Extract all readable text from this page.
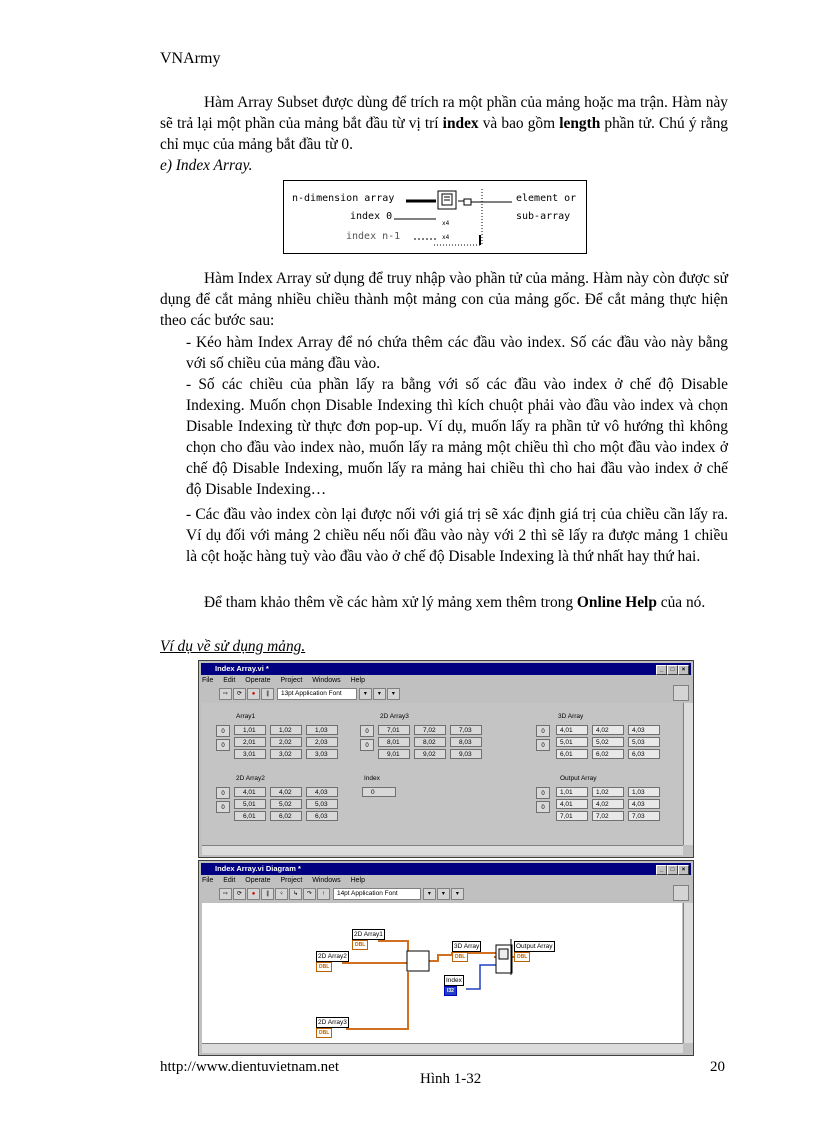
VNArmy
Hàm Array Subset được dùng để trích ra một phần của mảng hoặc ma trận. Hàm này sẽ trả lại một phần của mảng bắt đầu từ vị trí index và bao gồm length phần tử. Chú ý rằng chỉ mục của mảng bắt đầu từ 0.
e) Index Array.
n-dimension array
index 0
index n-1
element or
sub-array
x4
x4
Hàm Index Array sử dụng để truy nhập vào phần tử của mảng. Hàm này còn được sử dụng để cắt mảng nhiều chiều thành một mảng con của mảng gốc. Để cắt mảng thực hiện theo các bước sau:
- Kéo hàm Index Array để nó chứa thêm các đầu vào index. Số các đầu vào này bằng với số chiều của mảng đầu vào.
- Số các chiều của phần lấy ra bằng với số các đầu vào index ở chế độ Disable Indexing. Muốn chọn Disable Indexing thì kích chuột phải vào đầu vào index và chọn Disable Indexing từ thực đơn pop-up. Ví dụ, muốn lấy ra phần tử vô hướng thì không chọn cho đầu vào index nào, muốn lấy ra mảng một chiều thì cho một đầu vào index ở chế độ Disable Indexing, muốn lấy ra mảng hai chiều thì cho hai đầu vào index ở chế độ Disable Indexing…
- Các đầu vào index còn lại được nối với giá trị sẽ xác định giá trị của chiều cần lấy ra. Ví dụ đối với mảng 2 chiều nếu nối đầu vào này với 2 thì sẽ lấy ra được mảng 1 chiều là cột hoặc hàng tuỳ vào đầu vào ở chế độ Disable Indexing là thứ nhất hay thứ hai.
Để tham khảo thêm về các hàm xử lý mảng xem thêm trong Online Help của nó.
Ví dụ về sử dụng mảng.
Index Array.vi *	_	□	×
File Edit Operate Project Windows Help
⇨ ⟳ ● ∥ 13pt Application Font	▾ ▾ ▾
Array1
0
0
1,01	1,02	1,03
2,01	2,02	2,03
3,01	3,02	3,03
2D Array3
0
0
7,01	7,02	7,03
8,01	8,02	8,03
9,01	9,02	9,03
3D Array
0
0
4,01	4,02	4,03
5,01	5,02	5,03
6,01	6,02	6,03
2D Array2
0
0
4,01	4,02	4,03
5,01	5,02	5,03
6,01	6,02	6,03
Index
0
Output Array
0
0
1,01	1,02	1,03
4,01	4,02	4,03
7,01	7,02	7,03
Index Array.vi Diagram *	_	□	×
File Edit Operate Project Windows Help
⇨ ⟳ ● ∥ ♀ ↳ ↷ ↑ 14pt Application Font	▾ ▾ ▾
2D Array1
DBL
2D Array2
DBL
2D Array3
DBL
3D Array
DBL
Index
I32
Output Array
DBL
http://www.dientuvietnam.net	20
Hình 1-32
